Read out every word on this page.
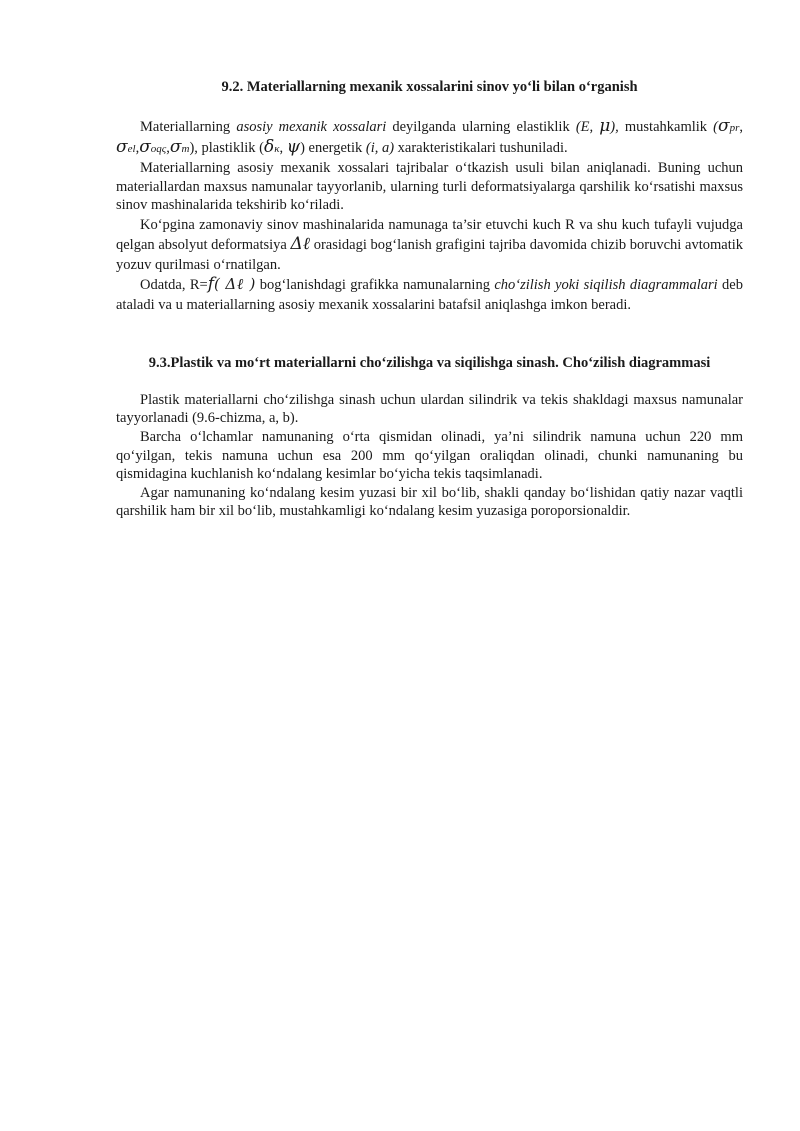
9.2. Materiallarning mexanik xossalarini sinov yo‘li bilan o‘rganish

Materiallarning asosiy mexanik xossalari deyilganda ularning elastiklik (E, μ), mustahkamlik (σpr, σel,σoqς,σm), plastiklik (δκ, ψ) energetik (i, a) xarakteristikalari tushuniladi.

Materiallarning asosiy mexanik xossalari tajribalar o‘tkazish usuli bilan aniqlanadi. Buning uchun materiallardan maxsus namunalar tayyorlanib, ularning turli deformatsiyalarga qarshilik ko‘rsatishi maxsus sinov mashinalarida tekshirib ko‘riladi.

Ko‘pgina zamonaviy sinov mashinalarida namunaga ta’sir etuvchi kuch R va shu kuch tufayli vujudga qelgan absolyut deformatsiya Δℓ orasidagi bog‘lanish grafigini tajriba davomida chizib boruvchi avtomatik yozuv qurilmasi o‘rnatilgan.

Odatda, R=f( Δℓ ) bog‘lanishdagi grafikka namunalarning cho‘zilish yoki siqilish diagrammalari deb ataladi va u materiallarning asosiy mexanik xossalarini batafsil aniqlashga imkon beradi.

9.3.Plastik va mo‘rt materiallarni cho‘zilishga va siqilishga sinash. Cho‘zilish diagrammasi

Plastik materiallarni cho‘zilishga sinash uchun ulardan silindrik va tekis shakldagi maxsus namunalar tayyorlanadi (9.6-chizma, a, b).

Barcha o‘lchamlar namunaning o‘rta qismidan olinadi, ya’ni silindrik namuna uchun 220 mm qo‘yilgan, tekis namuna uchun esa 200 mm qo‘yilgan oraliqdan olinadi, chunki namunaning bu qismidagina kuchlanish ko‘ndalang kesimlar bo‘yicha tekis taqsimlanadi.

Agar namunaning ko‘ndalang kesim yuzasi bir xil bo‘lib, shakli qanday bo‘lishidan qatiy nazar vaqtli qarshilik ham bir xil bo‘lib, mustahkamligi ko‘ndalang kesim yuzasiga poroporsionaldir.
